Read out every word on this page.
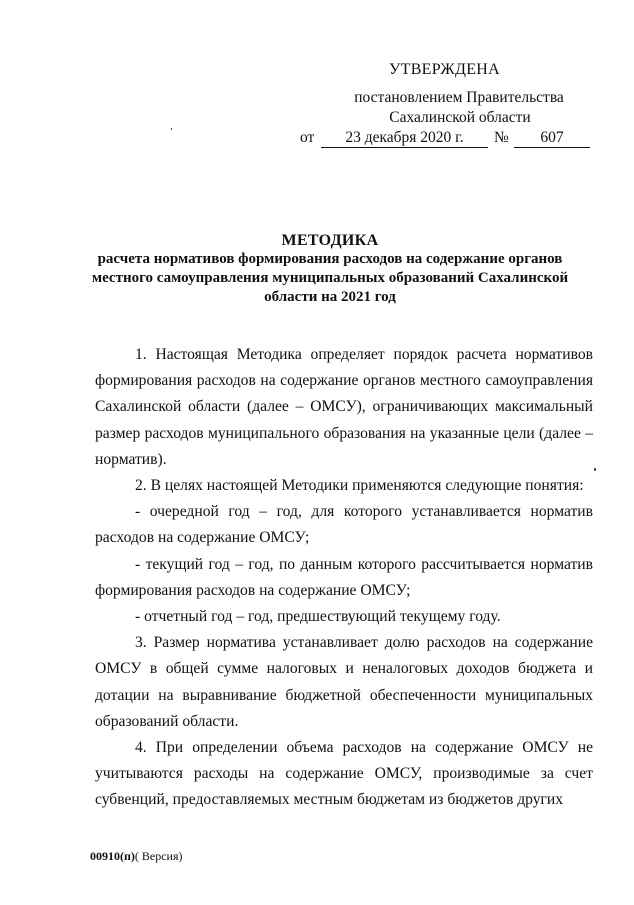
УТВЕРЖДЕНА
постановлением Правительства
Сахалинской области
от	23 декабря 2020 г.	№	607
МЕТОДИКА
расчета нормативов формирования расходов на содержание органов местного самоуправления муниципальных образований Сахалинской области на 2021 год

1. Настоящая Методика определяет порядок расчета нормативов формирования расходов на содержание органов местного самоуправления Сахалинской области (далее – ОМСУ), ограничивающих максимальный размер расходов муниципального образования на указанные цели (далее – норматив).

2. В целях настоящей Методики применяются следующие понятия:

- очередной год – год, для которого устанавливается норматив расходов на содержание ОМСУ;

- текущий год – год, по данным которого рассчитывается норматив формирования расходов на содержание ОМСУ;

- отчетный год – год, предшествующий текущему году.

3. Размер норматива устанавливает долю расходов на содержание ОМСУ в общей сумме налоговых и неналоговых доходов бюджета и дотации на выравнивание бюджетной обеспеченности муниципальных образований области.

4. При определении объема расходов на содержание ОМСУ не учитываются расходы на содержание ОМСУ, производимые за счет субвенций, предоставляемых местным бюджетам из бюджетов других

00910(п)( Версия)
